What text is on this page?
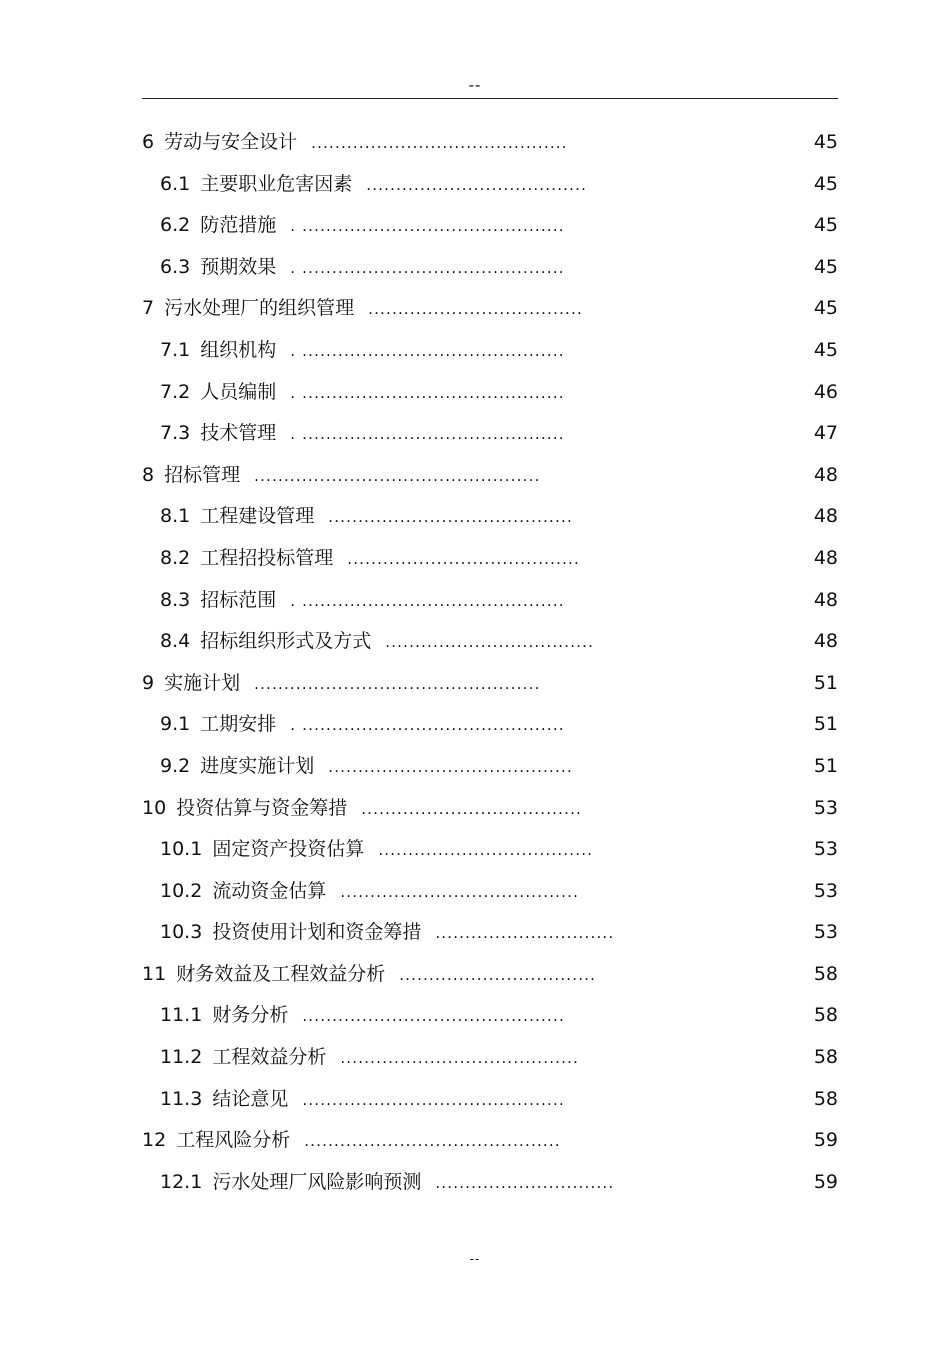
--
6 劳动与安全设计 ...........................................	45
6.1 主要职业危害因素 .....................................	45
6.2 防范措施 . ............................................	45
6.3 预期效果 . ............................................	45
7 污水处理厂的组织管理 ....................................	45
7.1 组织机构 . ............................................	45
7.2 人员编制 . ............................................	46
7.3 技术管理 . ............................................	47
8 招标管理 ................................................	48
8.1 工程建设管理 .........................................	48
8.2 工程招投标管理 .......................................	48
8.3 招标范围 . ............................................	48
8.4 招标组织形式及方式 ...................................	48
9 实施计划 ................................................	51
9.1 工期安排 . ............................................	51
9.2 进度实施计划 .........................................	51
10 投资估算与资金筹措 .....................................	53
10.1 固定资产投资估算 ....................................	53
10.2 流动资金估算 ........................................	53
10.3 投资使用计划和资金筹措 ..............................	53
11 财务效益及工程效益分析 .................................	58
11.1 财务分析 ............................................	58
11.2 工程效益分析 ........................................	58
11.3 结论意见 ............................................	58
12 工程风险分析 ...........................................	59
12.1 污水处理厂风险影响预测 ..............................	59
--
